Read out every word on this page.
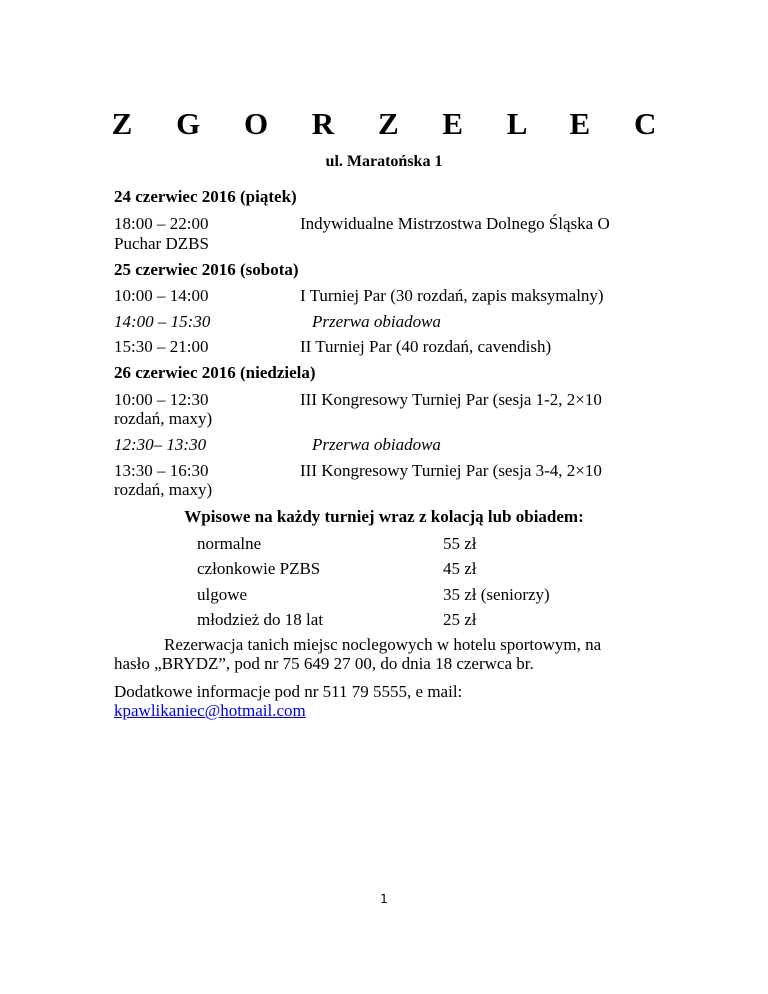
Z G O R Z E L E C
ul. Maratońska 1
24 czerwiec 2016 (piątek)
18:00 – 22:00	Indywidualne Mistrzostwa Dolnego Śląska O
Puchar DZBS
25 czerwiec 2016 (sobota)
10:00 – 14:00	I Turniej Par (30 rozdań, zapis maksymalny)
14:00 – 15:30	Przerwa obiadowa
15:30 – 21:00	II Turniej Par (40 rozdań, cavendish)
26 czerwiec 2016 (niedziela)
10:00 – 12:30	III Kongresowy Turniej Par (sesja 1-2, 2×10
rozdań, maxy)
12:30– 13:30	Przerwa obiadowa
13:30 – 16:30	III Kongresowy Turniej Par (sesja 3-4, 2×10
rozdań, maxy)
Wpisowe na każdy turniej wraz z kolacją lub obiadem:
normalne	55 zł
członkowie PZBS	45 zł
ulgowe	35 zł (seniorzy)
młodzież do 18 lat	25 zł
Rezerwacja tanich miejsc noclegowych w hotelu sportowym, na
hasło „BRYDZ”, pod nr 75 649 27 00, do dnia 18 czerwca br.
Dodatkowe informacje pod nr 511 79 5555, e mail:
kpawlikaniec@hotmail.com
1
